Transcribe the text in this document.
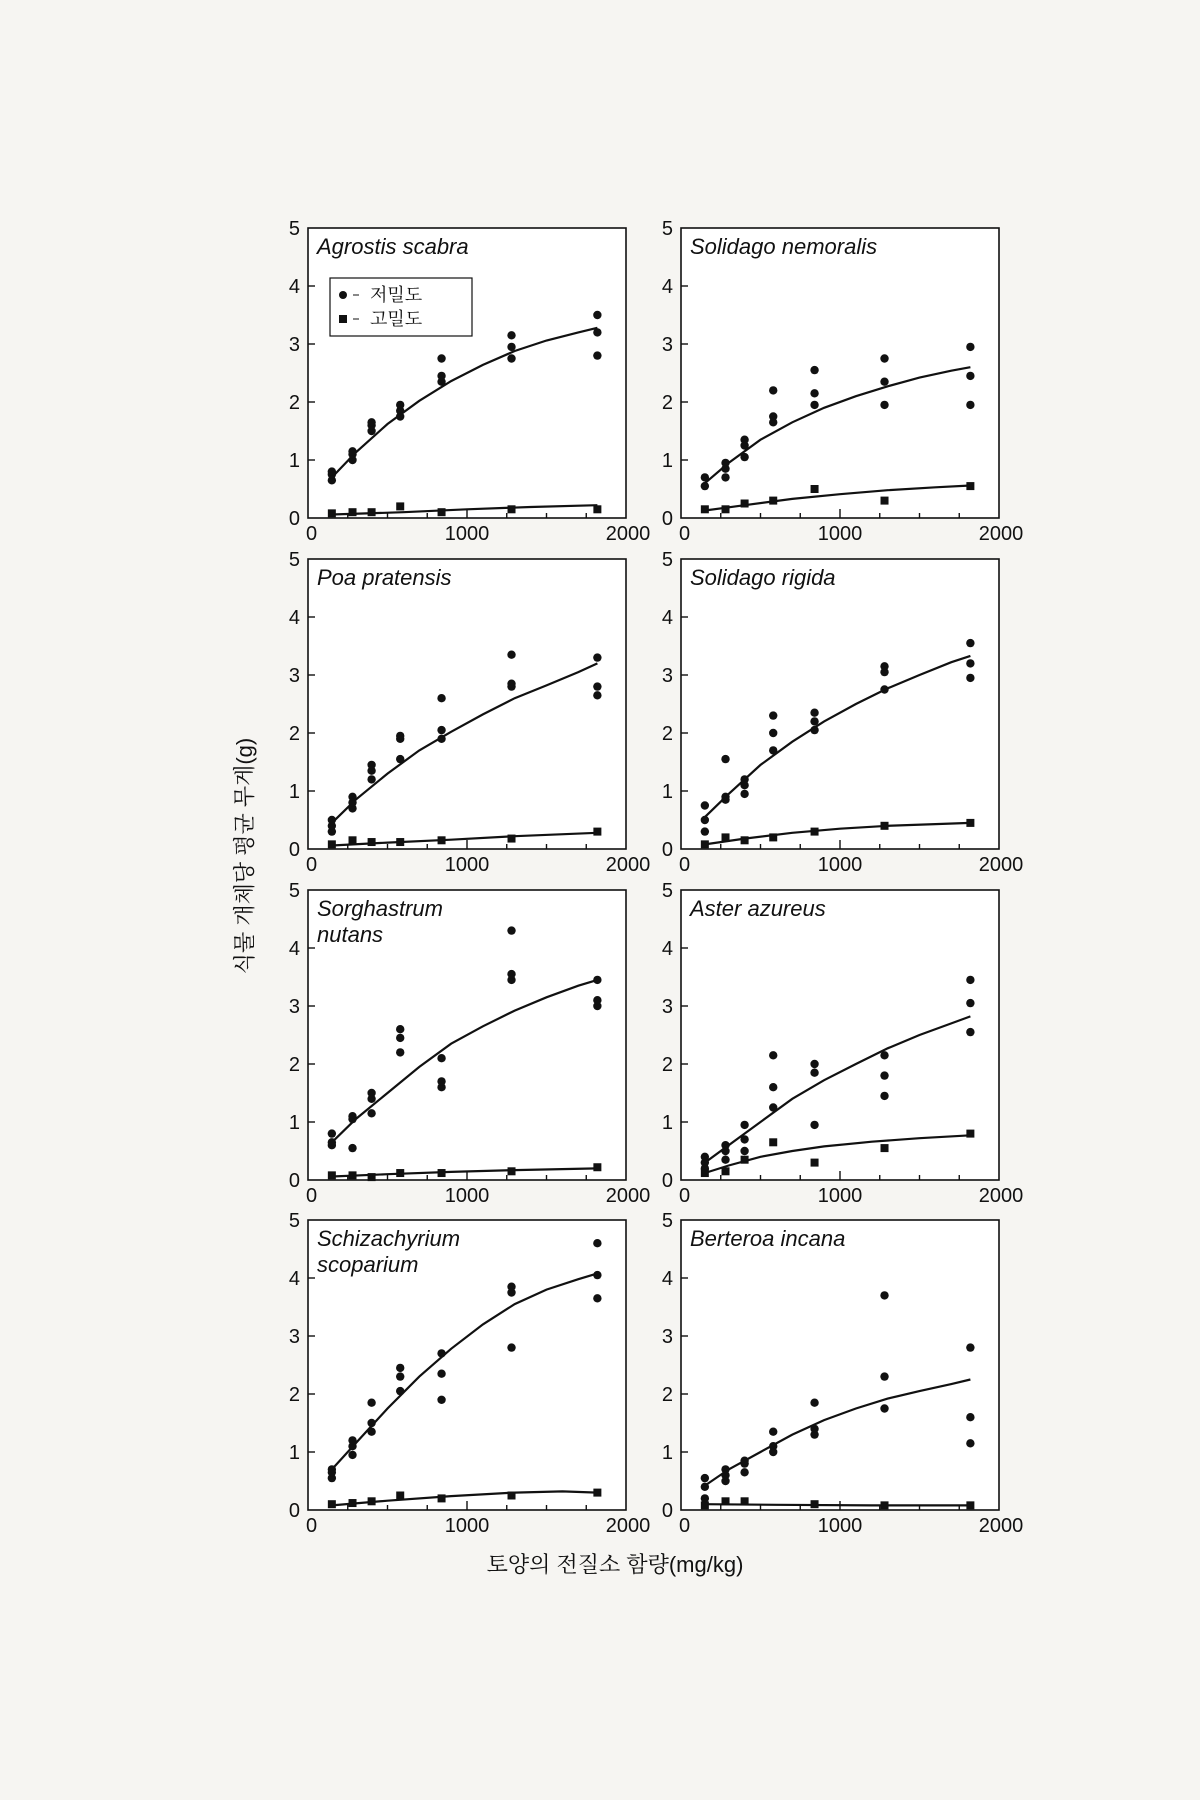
0
1
2
3
4
5
0	1000	2000
Agrostis scabra
저밀도
고밀도
0
1
2
3
4
5
0	1000	2000
Solidago nemoralis
0
1
2
3
4
5
0	1000	2000
Poa pratensis
0
1
2
3
4
5
0	1000	2000
Solidago rigida
0
1
2
3
4
5
0	1000	2000
Sorghastrum
nutans
0
1
2
3
4
5
0	1000	2000
Aster azureus
0
1
2
3
4
5
0	1000	2000
Schizachyrium
scoparium
0
1
2
3
4
5
0	1000	2000
Berteroa incana
식물 개체당 평균 무게(g)
토양의 전질소 함량(mg/kg)
